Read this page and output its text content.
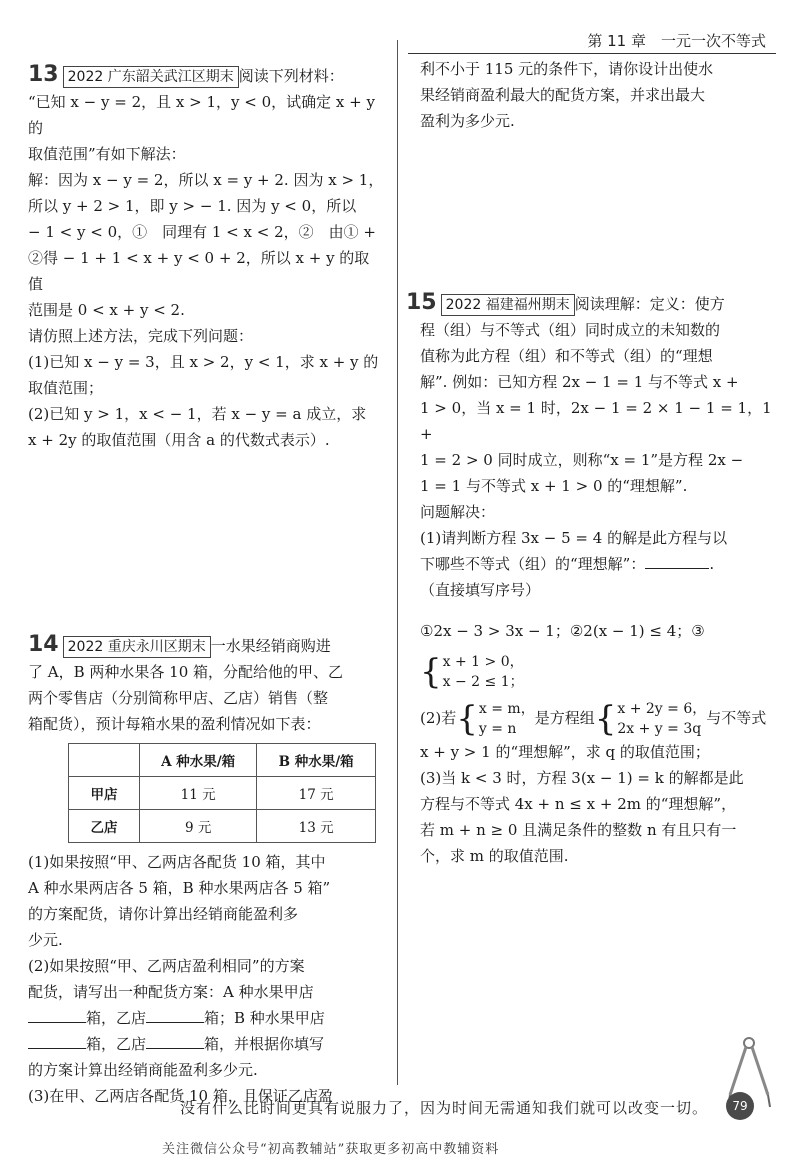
第 11 章　一元一次不等式

13 2022 广东韶关武江区期末 阅读下列材料：

“已知 x − y = 2，且 x > 1，y < 0，试确定 x + y 的

取值范围”有如下解法：

解：因为 x − y = 2，所以 x = y + 2. 因为 x > 1，

所以 y + 2 > 1，即 y > − 1. 因为 y < 0，所以

− 1 < y < 0，①　同理有 1 < x < 2，②　由① +

②得 − 1 + 1 < x + y < 0 + 2，所以 x + y 的取值

范围是 0 < x + y < 2.

请仿照上述方法，完成下列问题：

(1)已知 x − y = 3，且 x > 2，y < 1，求 x + y 的

取值范围；

(2)已知 y > 1，x < − 1，若 x − y = a 成立，求

x + 2y 的取值范围（用含 a 的代数式表示）.

14 2022 重庆永川区期末 一水果经销商购进

了 A，B 两种水果各 10 箱，分配给他的甲、乙

两个零售店（分别简称甲店、乙店）销售（整

箱配货），预计每箱水果的盈利情况如下表：

	A 种水果/箱	B 种水果/箱
甲店	11 元	17 元
乙店	9 元	13 元

(1)如果按照“甲、乙两店各配货 10 箱，其中

A 种水果两店各 5 箱，B 种水果两店各 5 箱”

的方案配货，请你计算出经销商能盈利多

少元.

(2)如果按照“甲、乙两店盈利相同”的方案

配货，请写出一种配货方案：A 种水果甲店

箱，乙店	箱；B 种水果甲店

箱，乙店	箱，并根据你填写

的方案计算出经销商能盈利多少元.

(3)在甲、乙两店各配货 10 箱，且保证乙店盈

利不小于 115 元的条件下，请你设计出使水

果经销商盈利最大的配货方案，并求出最大

盈利为多少元.

15 2022 福建福州期末 阅读理解：定义：使方

程（组）与不等式（组）同时成立的未知数的

值称为此方程（组）和不等式（组）的“理想

解”. 例如：已知方程 2x − 1 = 1 与不等式 x +

1 > 0，当 x = 1 时，2x − 1 = 2 × 1 − 1 = 1，1 +

1 = 2 > 0 同时成立，则称“x = 1”是方程 2x −

1 = 1 与不等式 x + 1 > 0 的“理想解”.

问题解决：

(1)请判断方程 3x − 5 = 4 的解是此方程与以

下哪些不等式（组）的“理想解”：	.

（直接填写序号）

①2x − 3 > 3x − 1；②2(x − 1) ≤ 4；③
{ x + 1 > 0，
x − 2 ≤ 1；

(2)若 { x = m，
y = n
是方程组 { x + 2y = 6，
2x + y = 3q
与不等式

x + y > 1 的“理想解”，求 q 的取值范围；

(3)当 k < 3 时，方程 3(x − 1) = k 的解都是此

方程与不等式 4x + n ≤ x + 2m 的“理想解”，

若 m + n ≥ 0 且满足条件的整数 n 有且只有一

个，求 m 的取值范围.

没有什么比时间更具有说服力了，因为时间无需通知我们就可以改变一切。	79
关注微信公众号“初高教辅站”获取更多初高中教辅资料
